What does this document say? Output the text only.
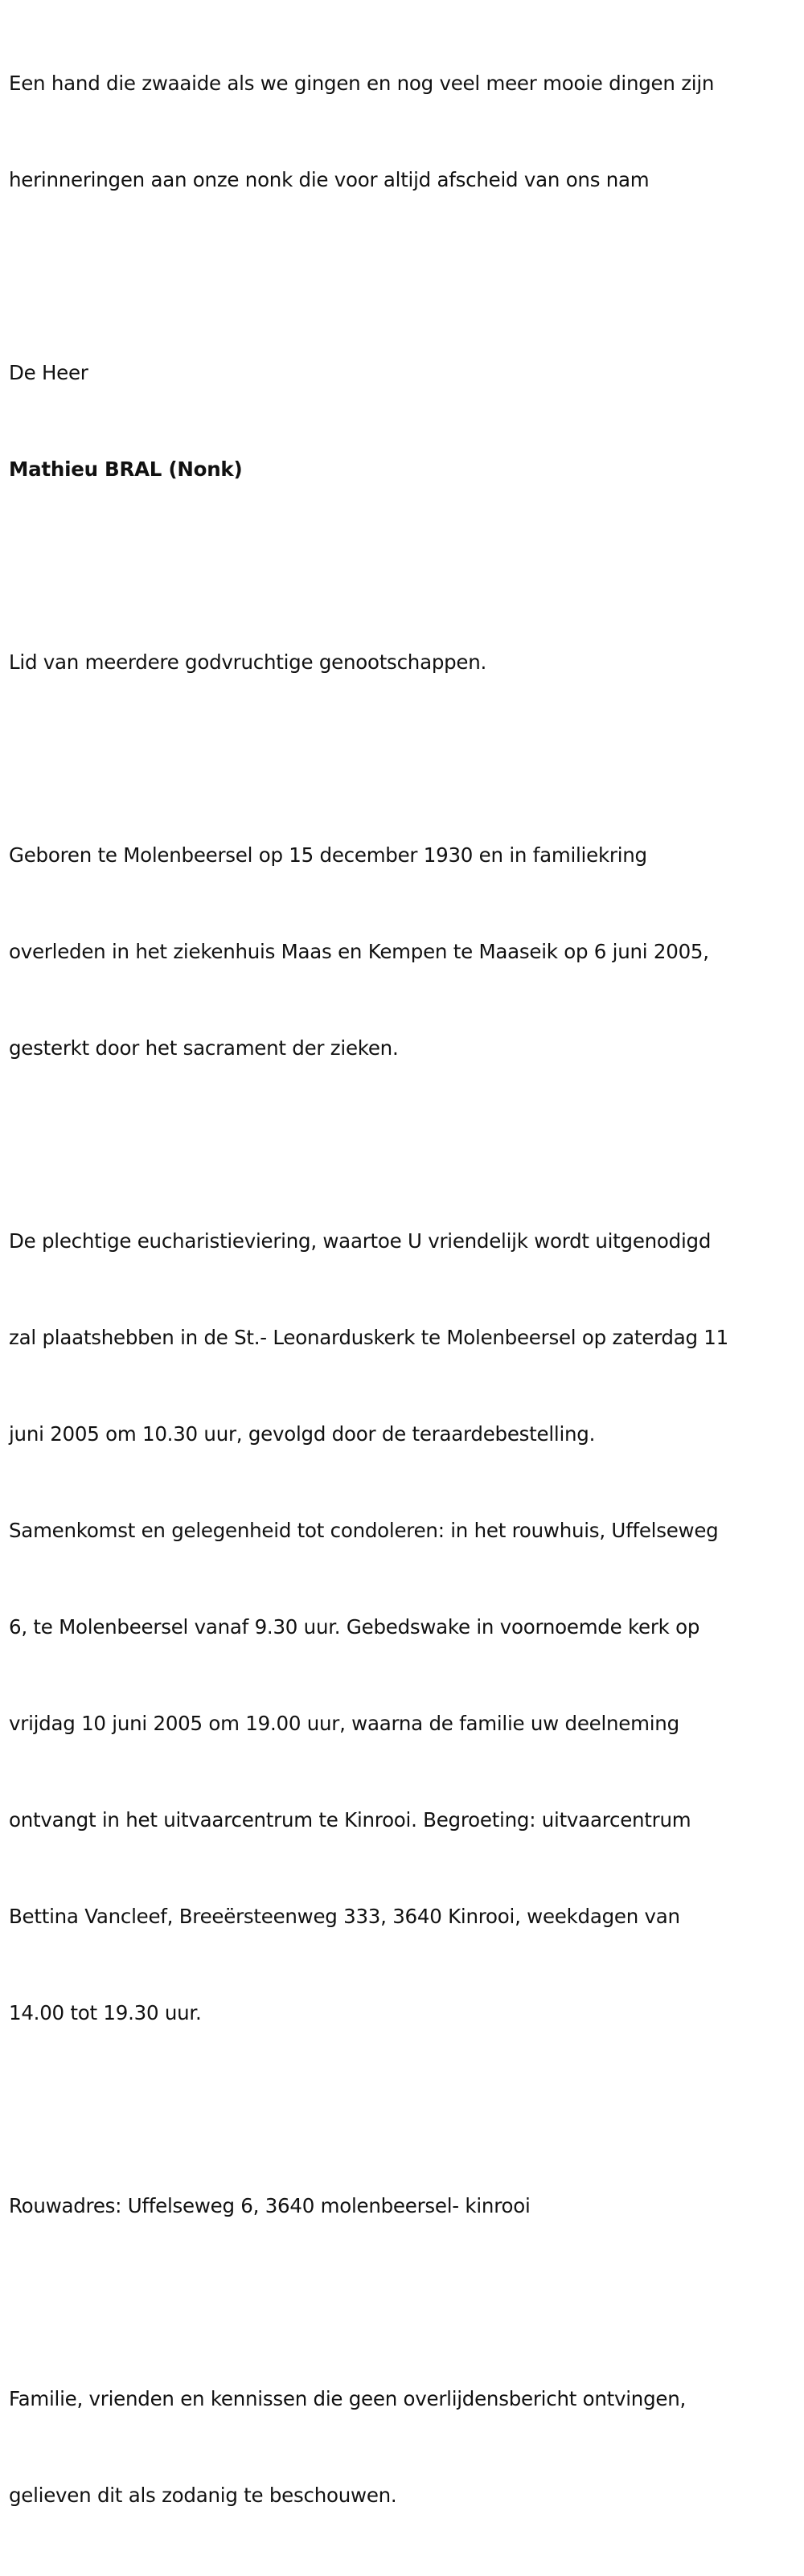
Een hand die zwaaide als we gingen en nog veel meer mooie dingen zijn

herinneringen aan onze nonk die voor altijd afscheid van ons nam

De Heer

Mathieu BRAL (Nonk)

Lid van meerdere godvruchtige genootschappen.

Geboren te Molenbeersel op 15 december 1930 en in familiekring

overleden in het ziekenhuis Maas en Kempen te Maaseik op 6 juni 2005,

gesterkt door het sacrament der zieken.

De plechtige eucharistieviering, waartoe U vriendelijk wordt uitgenodigd

zal plaatshebben in de St.- Leonarduskerk te Molenbeersel op zaterdag 11

juni 2005 om 10.30 uur, gevolgd door de teraardebestelling.

Samenkomst en gelegenheid tot condoleren: in het rouwhuis, Uffelseweg

6, te Molenbeersel vanaf 9.30 uur. Gebedswake in voornoemde kerk op

vrijdag 10 juni 2005 om 19.00 uur, waarna de familie uw deelneming

ontvangt in het uitvaarcentrum te Kinrooi. Begroeting: uitvaarcentrum

Bettina Vancleef, Breeërsteenweg 333, 3640 Kinrooi, weekdagen van

14.00 tot 19.30 uur.

Rouwadres: Uffelseweg 6, 3640 molenbeersel- kinrooi

Familie, vrienden en kennissen die geen overlijdensbericht ontvingen,

gelieven dit als zodanig te beschouwen.
